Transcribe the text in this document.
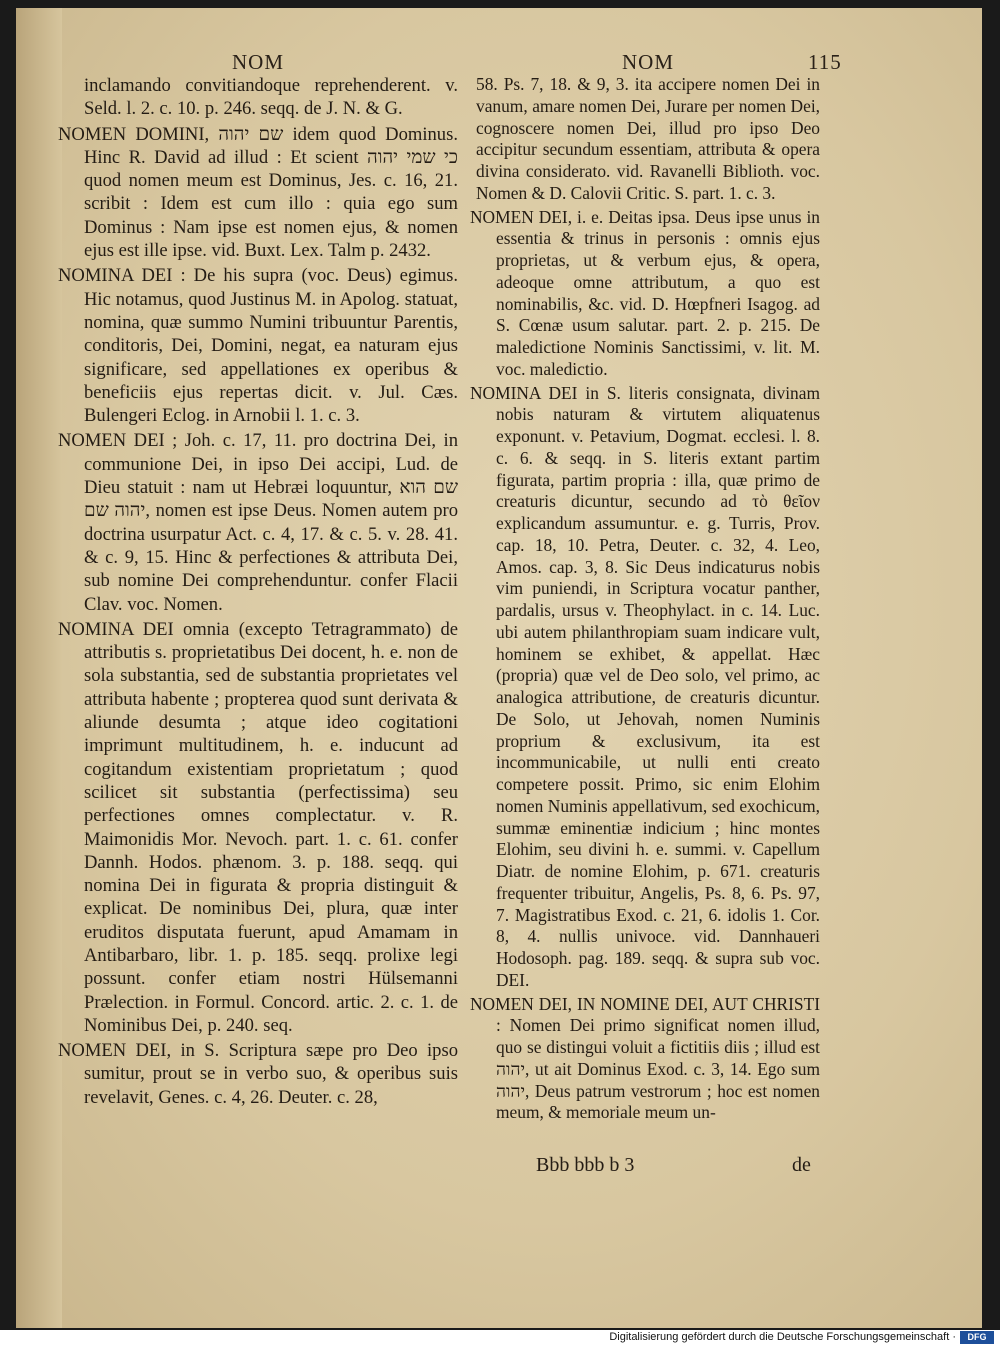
NOM	NOM	115

inclamando convitiandoque reprehenderent. v. Seld. l. 2. c. 10. p. 246. seqq. de J. N. & G.

NOMEN DOMINI, שם יהוה idem quod Dominus. Hinc R. David ad illud : Et scient כי שמי יהוה quod nomen meum est Dominus, Jes. c. 16, 21. scribit : Idem est cum illo : quia ego sum Dominus : Nam ipse est nomen ejus, & nomen ejus est ille ipse. vid. Buxt. Lex. Talm p. 2432.

NOMINA DEI : De his supra (voc. Deus) egimus. Hic notamus, quod Justinus M. in Apolog. statuat, nomina, quæ summo Numini tribuuntur Parentis, conditoris, Dei, Domini, negat, ea naturam ejus significare, sed appellationes ex operibus & beneficiis ejus repertas dicit. v. Jul. Cæs. Bulengeri Eclog. in Arnobii l. 1. c. 3.

NOMEN DEI ; Joh. c. 17, 11. pro doctrina Dei, in communione Dei, in ipso Dei accipi, Lud. de Dieu statuit : nam ut Hebræi loquuntur, שם הוא יהוה שם, nomen est ipse Deus. Nomen autem pro doctrina usurpatur Act. c. 4, 17. & c. 5. v. 28. 41. & c. 9, 15. Hinc & perfectiones & attributa Dei, sub nomine Dei comprehenduntur. confer Flacii Clav. voc. Nomen.

NOMINA DEI omnia (excepto Tetragrammato) de attributis s. proprietatibus Dei docent, h. e. non de sola substantia, sed de substantia proprietates vel attributa habente ; propterea quod sunt derivata & aliunde desumta ; atque ideo cogitationi imprimunt multitudinem, h. e. inducunt ad cogitandum existentiam proprietatum ; quod scilicet sit substantia (perfectissima) seu perfectiones omnes complectatur. v. R. Maimonidis Mor. Nevoch. part. 1. c. 61. confer Dannh. Hodos. phænom. 3. p. 188. seqq. qui nomina Dei in figurata & propria distinguit & explicat. De nominibus Dei, plura, quæ inter eruditos disputata fuerunt, apud Amamam in Antibarbaro, libr. 1. p. 185. seqq. prolixe legi possunt. confer etiam nostri Hülsemanni Prælection. in Formul. Concord. artic. 2. c. 1. de Nominibus Dei, p. 240. seq.

NOMEN DEI, in S. Scriptura sæpe pro Deo ipso sumitur, prout se in verbo suo, & operibus suis revelavit, Genes. c. 4, 26. Deuter. c. 28,

58. Ps. 7, 18. & 9, 3. ita accipere nomen Dei in vanum, amare nomen Dei, Jurare per nomen Dei, cognoscere nomen Dei, illud pro ipso Deo accipitur secundum essentiam, attributa & opera divina consideratо. vid. Ravanelli Biblioth. voc. Nomen & D. Calovii Critic. S. part. 1. c. 3.

NOMEN DEI, i. e. Deitas ipsa. Deus ipse unus in essentia & trinus in personis : omnis ejus proprietas, ut & verbum ejus, & opera, adeoque omne attributum, a quo est nominabilis, &c. vid. D. Hœpfneri Isagog. ad S. Cœnæ usum salutar. part. 2. p. 215. De maledictione Nominis Sanctissimi, v. lit. M. voc. maledictio.

NOMINA DEI in S. literis consignata, divinam nobis naturam & virtutem aliquatenus exponunt. v. Petavium, Dogmat. ecclesi. l. 8. c. 6. & seqq. in S. literis extant partim figurata, partim propria : illa, quæ primo de creaturis dicuntur, secundo ad τὸ θεῖον explicandum assumuntur. e. g. Turris, Prov. cap. 18, 10. Petra, Deuter. c. 32, 4. Leo, Amos. cap. 3, 8. Sic Deus indicaturus nobis vim puniendi, in Scriptura vocatur panther, pardalis, ursus v. Theophylact. in c. 14. Luc. ubi autem philanthropiam suam indicare vult, hominem se exhibet, & appellat. Hæc (propria) quæ vel de Deo solo, vel primo, ac analogica attributione, de creaturis dicuntur. De Solo, ut Jehovah, nomen Numinis proprium & exclusivum, ita est incommunicabile, ut nulli enti creato competere possit. Primo, sic enim Elohim nomen Numinis appellativum, sed exochicum, summæ eminentiæ indicium ; hinc montes Elohim, seu divini h. e. summi. v. Capellum Diatr. de nomine Elohim, p. 671. creaturis frequenter tribuitur, Angelis, Ps. 8, 6. Ps. 97, 7. Magistratibus Exod. c. 21, 6. idolis 1. Cor. 8, 4. nullis univoce. vid. Dannhaueri Hodosoph. pag. 189. seqq. & supra sub voc. DEI.

NOMEN DEI, IN NOMINE DEI, AUT CHRISTI : Nomen Dei primo significat nomen illud, quo se distingui voluit a fictitiis diis ; illud est יהוה, ut ait Dominus Exod. c. 3, 14. Ego sum יהוה, Deus patrum vestrorum ; hoc est nomen meum, & memoriale meum un-

Bbb bbb b 3	de
Digitalisierung gefördert durch die Deutsche Forschungsgemeinschaft ·	DFG
